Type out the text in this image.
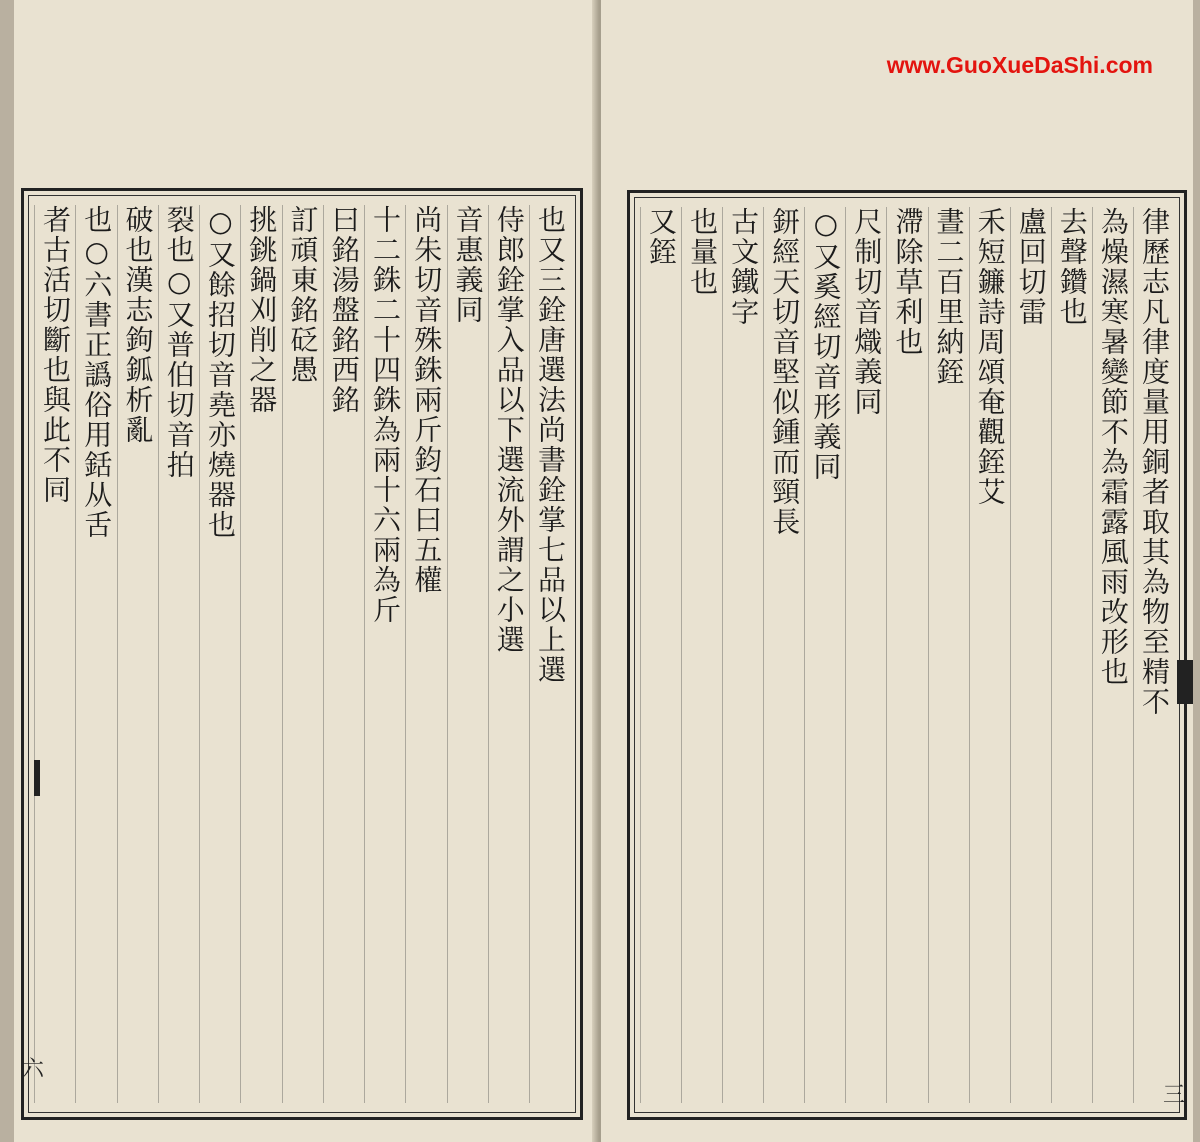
也又三銓唐選法尚書銓掌七品以上選
侍郎銓掌入品以下選流外謂之小選
音惠義同
尚朱切音殊銖兩斤鈞石曰五權
十二銖二十四銖為兩十六兩為斤
曰銘湯盤銘西銘
訂頑東銘砭愚
挑銚鍋刈削之器
○又餘招切音堯亦燒器也
裂也○又普伯切音拍
破也漢志鉤鈲析亂
也○六書正譌俗用銛从舌
者古活切斷也與此不同
六
www.GuoXueDaShi.com
律歷志凡律度量用銅者取其為物至精不
為燥濕寒暑變節不為霜露風雨改形也
去聲鑽也
盧回切雷
禾短鐮詩周頌奄觀銍艾
晝二百里納銍
滯除草利也
尺制切音熾義同
○又奚經切音形義同
鈃經天切音堅似鍾而頸長
古文鐵字
也量也
又銍
三
